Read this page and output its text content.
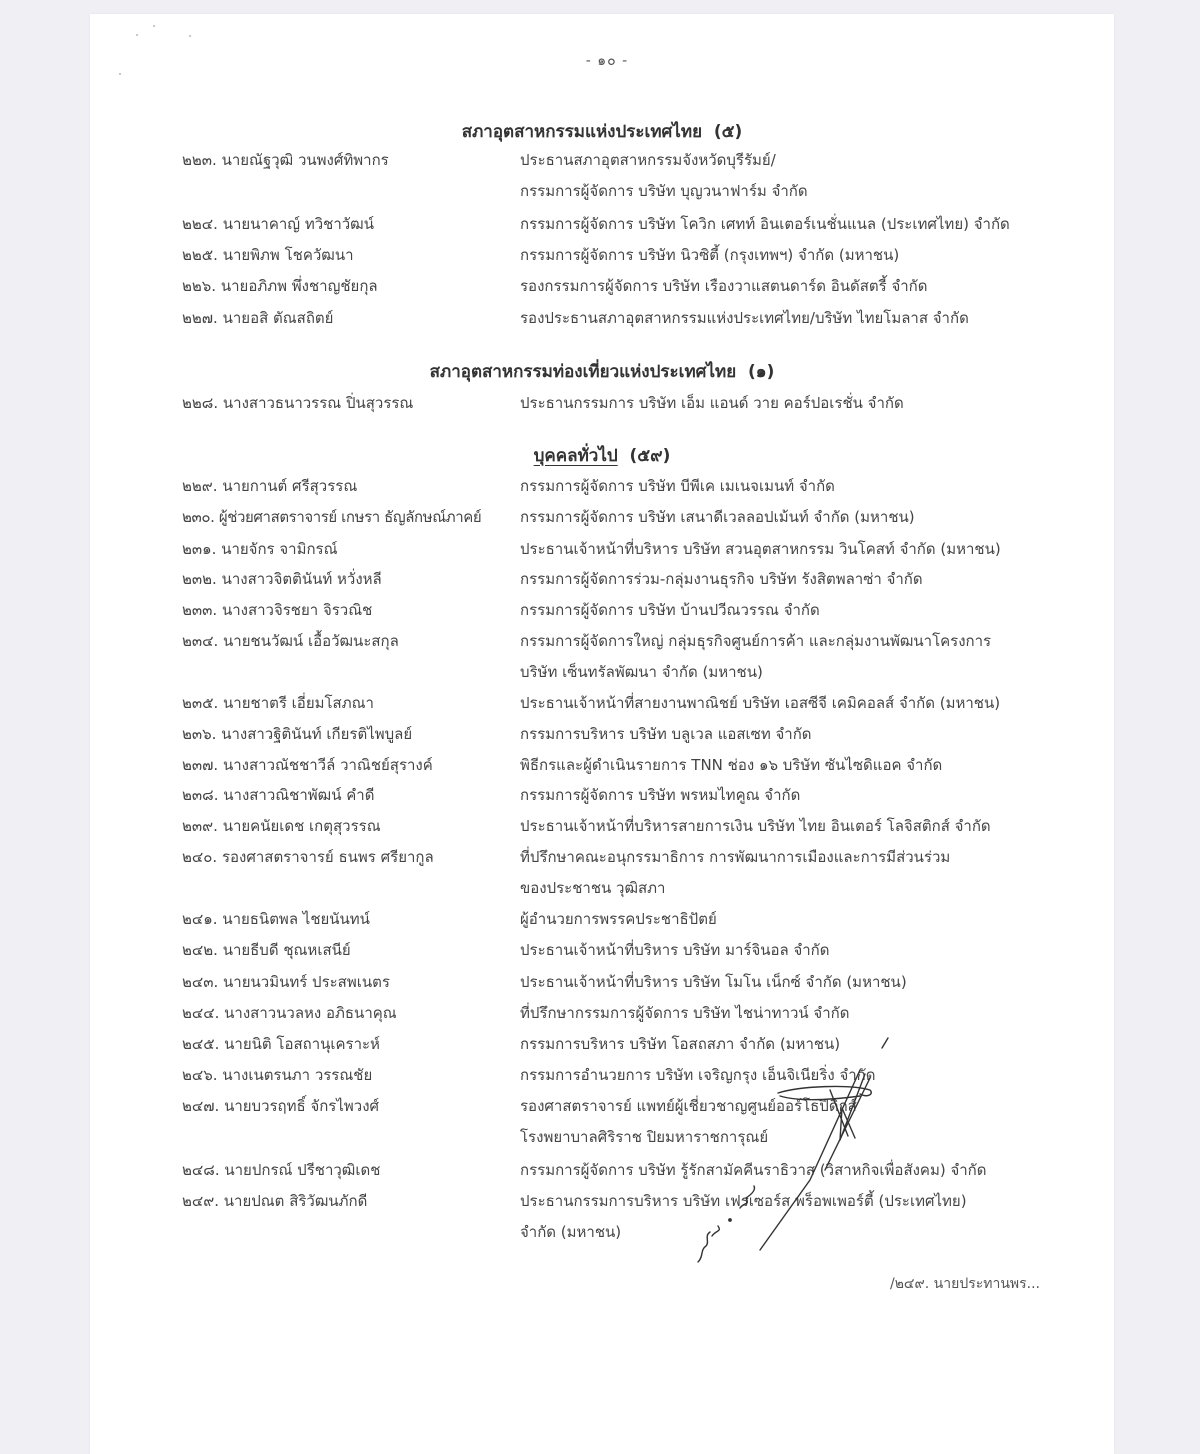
- ๑๐ -
สภาอุตสาหกรรมแห่งประเทศไทย (๕)
๒๒๓. นายณัฐวุฒิ วนพงศ์ทิพากร	ประธานสภาอุตสาหกรรมจังหวัดบุรีรัมย์/
กรรมการผู้จัดการ บริษัท บุญวนาฟาร์ม จำกัด
๒๒๔. นายนาคาญ์ ทวิชาวัฒน์	กรรมการผู้จัดการ บริษัท โควิก เศทท์ อินเตอร์เนชั่นแนล (ประเทศไทย) จำกัด
๒๒๕. นายพิภพ โชควัฒนา	กรรมการผู้จัดการ บริษัท นิวซิตี้ (กรุงเทพฯ) จำกัด (มหาชน)
๒๒๖. นายอภิภพ พึ่งชาญชัยกุล	รองกรรมการผู้จัดการ บริษัท เรืองวาแสตนดาร์ด อินดัสตรี้ จำกัด
๒๒๗. นายอสิ ตัณสถิตย์	รองประธานสภาอุตสาหกรรมแห่งประเทศไทย/บริษัท ไทยโมลาส จำกัด
สภาอุตสาหกรรมท่องเที่ยวแห่งประเทศไทย (๑)
๒๒๘. นางสาวธนาวรรณ ปิ่นสุวรรณ	ประธานกรรมการ บริษัท เอ็ม แอนด์ วาย คอร์ปอเรชั่น จำกัด
บุคคลทั่วไป (๕๙)
๒๒๙. นายกานต์ ศรีสุวรรณ	กรรมการผู้จัดการ บริษัท บีพีเค เมเนจเมนท์ จำกัด
๒๓๐. ผู้ช่วยศาสตราจารย์ เกษรา ธัญลักษณ์ภาคย์	กรรมการผู้จัดการ บริษัท เสนาดีเวลลอปเม้นท์ จำกัด (มหาชน)
๒๓๑. นายจักร จามิกรณ์	ประธานเจ้าหน้าที่บริหาร บริษัท สวนอุตสาหกรรม วินโคสท์ จำกัด (มหาชน)
๒๓๒. นางสาวจิตตินันท์ หวั่งหลี	กรรมการผู้จัดการร่วม-กลุ่มงานธุรกิจ บริษัท รังสิตพลาซ่า จำกัด
๒๓๓. นางสาวจิรชยา จิรวณิช	กรรมการผู้จัดการ บริษัท บ้านปวีณวรรณ จำกัด
๒๓๔. นายชนวัฒน์ เอื้อวัฒนะสกุล	กรรมการผู้จัดการใหญ่ กลุ่มธุรกิจศูนย์การค้า และกลุ่มงานพัฒนาโครงการ
บริษัท เซ็นทรัลพัฒนา จำกัด (มหาชน)
๒๓๕. นายชาตรี เอี่ยมโสภณา	ประธานเจ้าหน้าที่สายงานพาณิชย์ บริษัท เอสซีจี เคมิคอลส์ จำกัด (มหาชน)
๒๓๖. นางสาวฐิตินันท์ เกียรติไพบูลย์	กรรมการบริหาร บริษัท บลูเวล แอสเซท จำกัด
๒๓๗. นางสาวณัชชาวีล์ วาณิชย์สุรางค์	พิธีกรและผู้ดำเนินรายการ TNN ช่อง ๑๖ บริษัท ซันไซดิแอค จำกัด
๒๓๘. นางสาวณิชาพัฒน์ คำดี	กรรมการผู้จัดการ บริษัท พรหมไทคูณ จำกัด
๒๓๙. นายคนัยเดช เกตุสุวรรณ	ประธานเจ้าหน้าที่บริหารสายการเงิน บริษัท ไทย อินเตอร์ โลจิสติกส์ จำกัด
๒๔๐. รองศาสตราจารย์ ธนพร ศรียากูล	ที่ปรึกษาคณะอนุกรรมาธิการ การพัฒนาการเมืองและการมีส่วนร่วม
ของประชาชน วุฒิสภา
๒๔๑. นายธนิตพล ไชยนันทน์	ผู้อำนวยการพรรคประชาธิปัตย์
๒๔๒. นายธีบดี ชุณหเสนีย์	ประธานเจ้าหน้าที่บริหาร บริษัท มาร์จินอล จำกัด
๒๔๓. นายนวมินทร์ ประสพเนตร	ประธานเจ้าหน้าที่บริหาร บริษัท โมโน เน็กซ์ จำกัด (มหาชน)
๒๔๔. นางสาวนวลหง อภิธนาคุณ	ที่ปรึกษากรรมการผู้จัดการ บริษัท ไชน่าทาวน์ จำกัด
๒๔๕. นายนิติ โอสถานุเคราะห์	กรรมการบริหาร บริษัท โอสถสภา จำกัด (มหาชน)
๒๔๖. นางเนตรนภา วรรณชัย	กรรมการอำนวยการ บริษัท เจริญกรุง เอ็นจิเนียริ่ง จำกัด
๒๔๗. นายบวรฤทธิ์ จักรไพวงศ์	รองศาสตราจารย์ แพทย์ผู้เชี่ยวชาญศูนย์ออร์โธปิดิกส์
โรงพยาบาลศิริราช ปิยมหาราชการุณย์
๒๔๘. นายปกรณ์ ปรีชาวุฒิเดช	กรรมการผู้จัดการ บริษัท รู้รักสามัคคีนราธิวาส (วิสาหกิจเพื่อสังคม) จำกัด
๒๔๙. นายปณต สิริวัฒนภักดี	ประธานกรรมการบริหาร บริษัท เฟรเซอร์ส พร็อพเพอร์ตี้ (ประเทศไทย)
จำกัด (มหาชน)
/๒๔๙. นายประทานพร...
